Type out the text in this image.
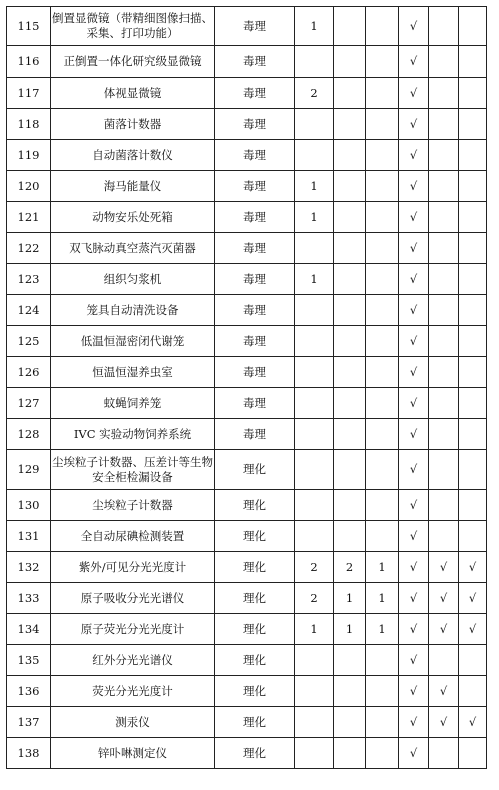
115	倒置显微镜（带精细图像扫描、采集、打印功能）	毒理	1			√		
116	正倒置一体化研究级显微镜	毒理				√		
117	体视显微镜	毒理	2			√		
118	菌落计数器	毒理				√		
119	自动菌落计数仪	毒理				√		
120	海马能量仪	毒理	1			√		
121	动物安乐处死箱	毒理	1			√		
122	双飞脉动真空蒸汽灭菌器	毒理				√		
123	组织匀浆机	毒理	1			√		
124	笼具自动清洗设备	毒理				√		
125	低温恒湿密闭代谢笼	毒理				√		
126	恒温恒湿养虫室	毒理				√		
127	蚊蝇饲养笼	毒理				√		
128	IVC 实验动物饲养系统	毒理				√		
129	尘埃粒子计数器、压差计等生物安全柜检漏设备	理化				√		
130	尘埃粒子计数器	理化				√		
131	全自动尿碘检测装置	理化				√		
132	紫外/可见分光光度计	理化	2	2	1	√	√	√
133	原子吸收分光光谱仪	理化	2	1	1	√	√	√
134	原子荧光分光光度计	理化	1	1	1	√	√	√
135	红外分光光谱仪	理化				√		
136	荧光分光光度计	理化				√	√	
137	测汞仪	理化				√	√	√
138	锌卟啉测定仪	理化				√		
